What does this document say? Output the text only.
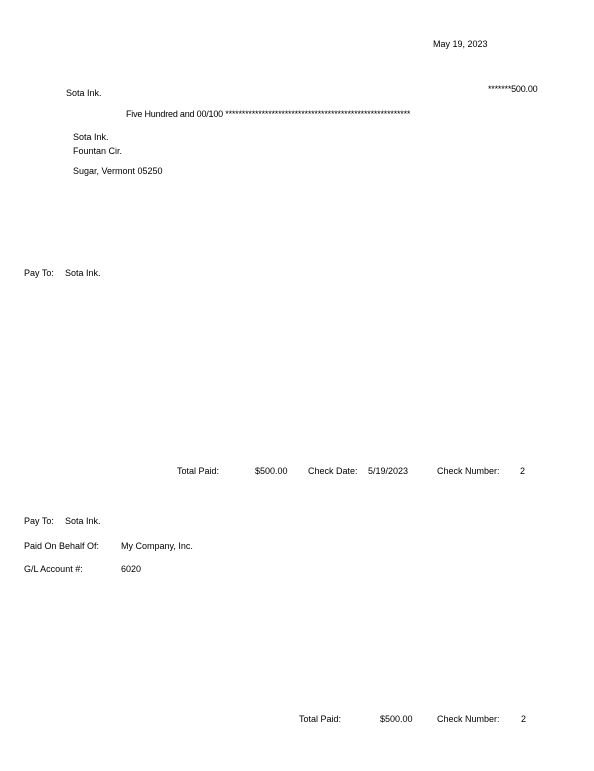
May 19, 2023
Sota Ink.	*******500.00
Five Hundred and 00/100 ********************************************************
Sota Ink.
Fountan Cir.
Sugar, Vermont 05250
Pay To: Sota Ink.
Total Paid:	$500.00 Check Date: 5/19/2023	Check Number: 2
Pay To: Sota Ink.
Paid On Behalf Of: My Company, Inc.
G/L Account #:	6020
Total Paid:	$500.00	Check Number: 2
